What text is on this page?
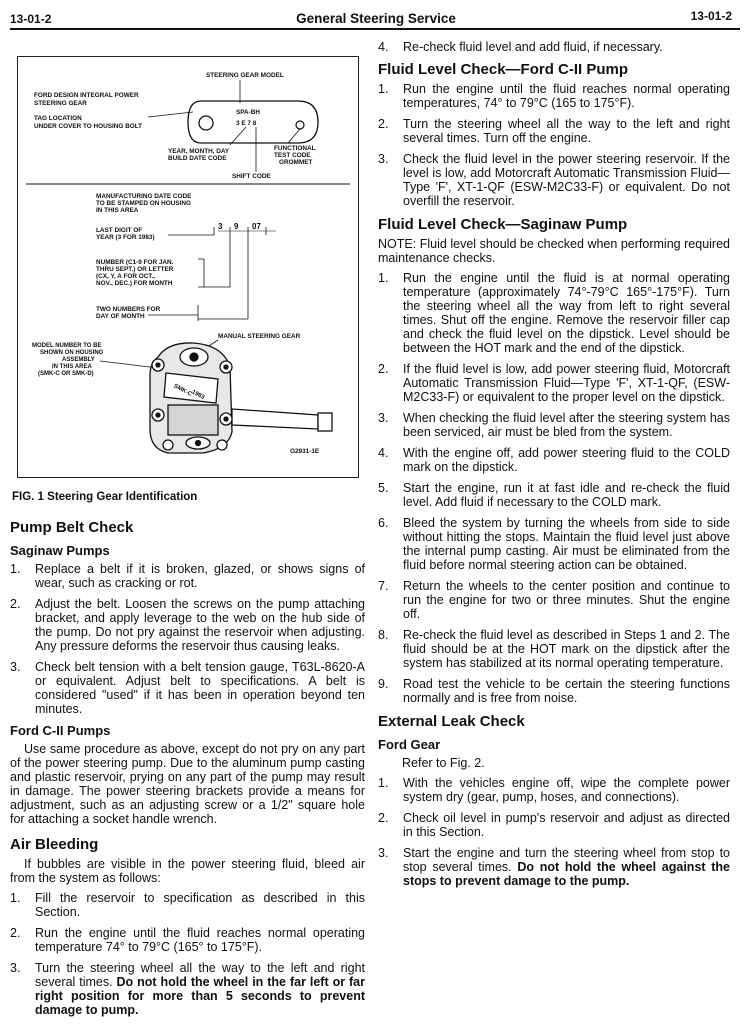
13-01-2	General Steering Service	13-01-2
STEERING GEAR MODEL
FORD DESIGN INTEGRAL POWER
STEERING GEAR
TAG LOCATION
UNDER COVER TO HOUSING BOLT
SPA-BH
3 E 7 8
YEAR, MONTH, DAY
BUILD DATE CODE
FUNCTIONAL
TEST CODE
GROMMET
SHIFT CODE
MANUFACTURING DATE CODE
TO BE STAMPED ON HOUSING
IN THIS AREA
LAST DIGIT OF
YEAR (3 FOR 1983)
3 9 07
NUMBER (C1-9 FOR JAN.
THRU SEPT.) OR LETTER
(CX, Y, A FOR OCT.,
NOV., DEC.) FOR MONTH
TWO NUMBERS FOR
DAY OF MONTH
MANUAL STEERING GEAR
MODEL NUMBER TO BE
SHOWN ON HOUSING
ASSEMBLY
IN THIS AREA
(SMK-C OR SMK-D)
G2931-1E
SMK-C
1983
FIG. 1 Steering Gear Identification
Pump Belt Check
Saginaw Pumps
1. Replace a belt if it is broken, glazed, or shows signs of wear, such as cracking or rot.
2. Adjust the belt. Loosen the screws on the pump attaching bracket, and apply leverage to the web on the hub side of the pump. Do not pry against the reservoir when adjusting. Any pressure deforms the reservoir thus causing leaks.
3. Check belt tension with a belt tension gauge, T63L-8620-A or equivalent. Adjust belt to specifications. A belt is considered "used" if it has been in operation beyond ten minutes.
Ford C-II Pumps

Use same procedure as above, except do not pry on any part of the power steering pump. Due to the aluminum pump casting and plastic reservoir, prying on any part of the pump may result in damage. The power steering brackets provide a means for adjustment, such as an adjusting screw or a 1/2" square hole for attaching a socket handle wrench.

Air Bleeding

If bubbles are visible in the power steering fluid, bleed air from the system as follows:

1. Fill the reservoir to specification as described in this Section.
2. Run the engine until the fluid reaches normal operating temperature 74° to 79°C (165° to 175°F).
3. Turn the steering wheel all the way to the left and right several times. Do not hold the wheel in the far left or far right position for more than 5 seconds to prevent damage to pump.
4. Re-check fluid level and add fluid, if necessary.
Fluid Level Check—Ford C-II Pump
1. Run the engine until the fluid reaches normal operating temperatures, 74° to 79°C (165 to 175°F).
2. Turn the steering wheel all the way to the left and right several times. Turn off the engine.
3. Check the fluid level in the power steering reservoir. If the level is low, add Motorcraft Automatic Transmission Fluid—Type 'F', XT-1-QF (ESW-M2C33-F) or equivalent. Do not overfill the reservoir.
Fluid Level Check—Saginaw Pump

NOTE: Fluid level should be checked when performing required maintenance checks.

1. Run the engine until the fluid is at normal operating temperature (approximately 74°-79°C 165°-175°F). Turn the steering wheel all the way from left to right several times. Shut off the engine. Remove the reservoir filler cap and check the fluid level on the dipstick. Level should be between the HOT mark and the end of the dipstick.
2. If the fluid level is low, add power steering fluid, Motorcraft Automatic Transmission Fluid—Type 'F', XT-1-QF, (ESW-M2C33-F) or equivalent to the proper level on the dipstick.
3. When checking the fluid level after the steering system has been serviced, air must be bled from the system.
4. With the engine off, add power steering fluid to the COLD mark on the dipstick.
5. Start the engine, run it at fast idle and re-check the fluid level. Add fluid if necessary to the COLD mark.
6. Bleed the system by turning the wheels from side to side without hitting the stops. Maintain the fluid level just above the internal pump casting. Air must be eliminated from the fluid before normal steering action can be obtained.
7. Return the wheels to the center position and continue to run the engine for two or three minutes. Shut the engine off.
8. Re-check the fluid level as described in Steps 1 and 2. The fluid should be at the HOT mark on the dipstick after the system has stabilized at its normal operating temperature.
9. Road test the vehicle to be certain the steering functions normally and is free from noise.
External Leak Check
Ford Gear

Refer to Fig. 2.

1. With the vehicles engine off, wipe the complete power system dry (gear, pump, hoses, and connections).
2. Check oil level in pump's reservoir and adjust as directed in this Section.
3. Start the engine and turn the steering wheel from stop to stop several times. Do not hold the wheel against the stops to prevent damage to the pump.
